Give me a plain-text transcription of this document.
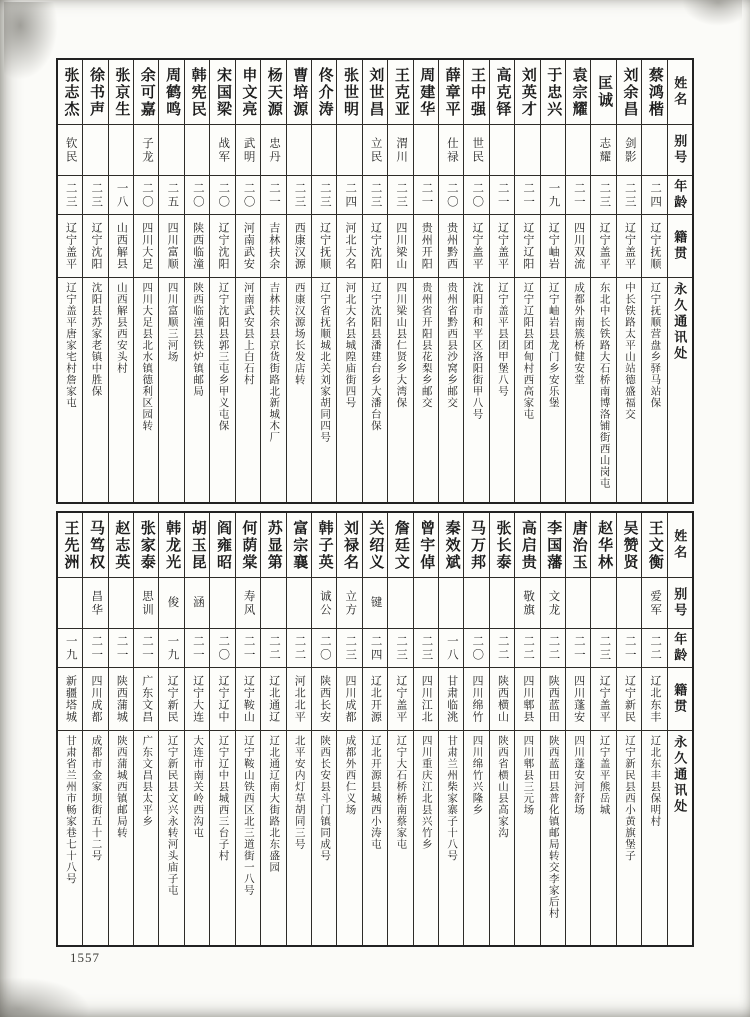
姓名
别号
年龄
籍贯
永久通讯处
蔡鸿楷
二四
辽宁抚顺
辽宁抚顺营盘乡驿马站保
刘余昌
剑影
二三
辽宁盖平
中长铁路太平山站德盛福交
匡诚
志耀
二三
辽宁盖平
东北中长铁路大石桥南博洛铺街西山岗屯
袁宗耀
二一
四川双流
成都外南簇桥健安堂
于忠兴
一九
辽宁岫岩
辽宁岫岩县龙门乡安乐堡
刘英才
二一
辽宁辽阳
辽宁辽阳县团甸村西高家屯
高克铎
二一
辽宁盖平
辽宁盖平县团甲堡八号
王中强
世民
二〇
辽宁盖平
沈阳市和平区洛阳街甲八号
薛章平
仕禄
二〇
贵州黔西
贵州省黔西县沙窝乡邮交
周建华
二一
贵州开阳
贵州省开阳县花梨乡邮交
王克亚
渭川
二三
四川梁山
四川梁山县仁贤乡大湾保
刘世昌
立民
二三
辽宁沈阳
辽宁沈阳县潘建台乡大潘台保
张世明
二四
河北大名
河北大名县城隍庙街四号
佟介涛
二三
辽宁抚顺
辽宁省抚顺城北关刘家胡同四号
曹培源
二三
西康汉源
西康汉源场长发店转
杨天源
忠丹
二一
吉林扶余
吉林扶余县京货街路北新城木厂
申文亮
武明
二〇
河南武安
河南武安县上白石村
宋国梁
战军
二〇
辽宁沈阳
辽宁沈阳县郭三屯乡甲义屯保
韩宪民
二〇
陕西临潼
陕西临潼县铁炉镇邮局
周鹤鸣
二五
四川富顺
四川富顺三河场
余可嘉
子龙
二〇
四川大足
四川大足县北水镇德利区园转
张京生
一八
山西解县
山西解县西安头村
徐书声
二三
辽宁沈阳
沈阳县苏家老镇中胜保
张志杰
钦民
二三
辽宁盖平
辽宁盖平唐家宅村詹家屯
姓名
别号
年龄
籍贯
永久通讯处
王文衡
爱军
二二
辽北东丰
辽北东丰县保明村
吴赞贤
二一
辽宁新民
辽宁新民县西小黄旗堡子
赵华林
二三
辽宁盖平
辽宁盖平熊岳城
唐治玉
二一
四川蓬安
四川蓬安河舒场
李国藩
文龙
二二
陕西蓝田
陕西蓝田县普化镇邮局转交李家后村
高启贵
敬旗
二二
四川郫县
四川郫县三元场
张长泰
二二
陕西横山
陕西省横山县高家沟
马万邦
二〇
四川绵竹
四川绵竹兴隆乡
秦效斌
一八
甘肃临洮
甘肃兰州柴家寨子十八号
曾宇倬
二三
四川江北
四川重庆江北县兴竹乡
詹廷文
二三
辽宁盖平
辽宁大石桥桥南蔡家屯
关绍义
键
二四
辽北开源
辽北开源县城西小涛屯
刘禄名
立方
二三
四川成都
成都外西仁义场
韩子英
诚公
二〇
陕西长安
陕西长安县斗门镇同成号
富宗襄
二二
河北北平
北平安内灯草胡同三号
苏显第
二二
辽北通辽
辽北通辽南大街路北东盛园
何荫棠
寿风
二一
辽宁鞍山
辽宁鞍山铁西区北三道街一八号
阎雍昭
二〇
辽宁辽中
辽宁辽中县城西三台子村
胡玉昆
涵
二一
辽宁大连
大连市南关岭西沟屯
韩龙光
俊
一九
辽宁新民
辽宁新民县文兴永转河头庙子屯
张家泰
思训
二一
广东文昌
广东文昌县太平乡
赵志英
二一
陕西蒲城
陕西蒲城西镇邮局转
马笃权
昌华
二一
四川成都
成都市金家坝街五十二号
王先洲
一九
新疆塔城
甘肃省兰州市畅家巷七十八号
1557
